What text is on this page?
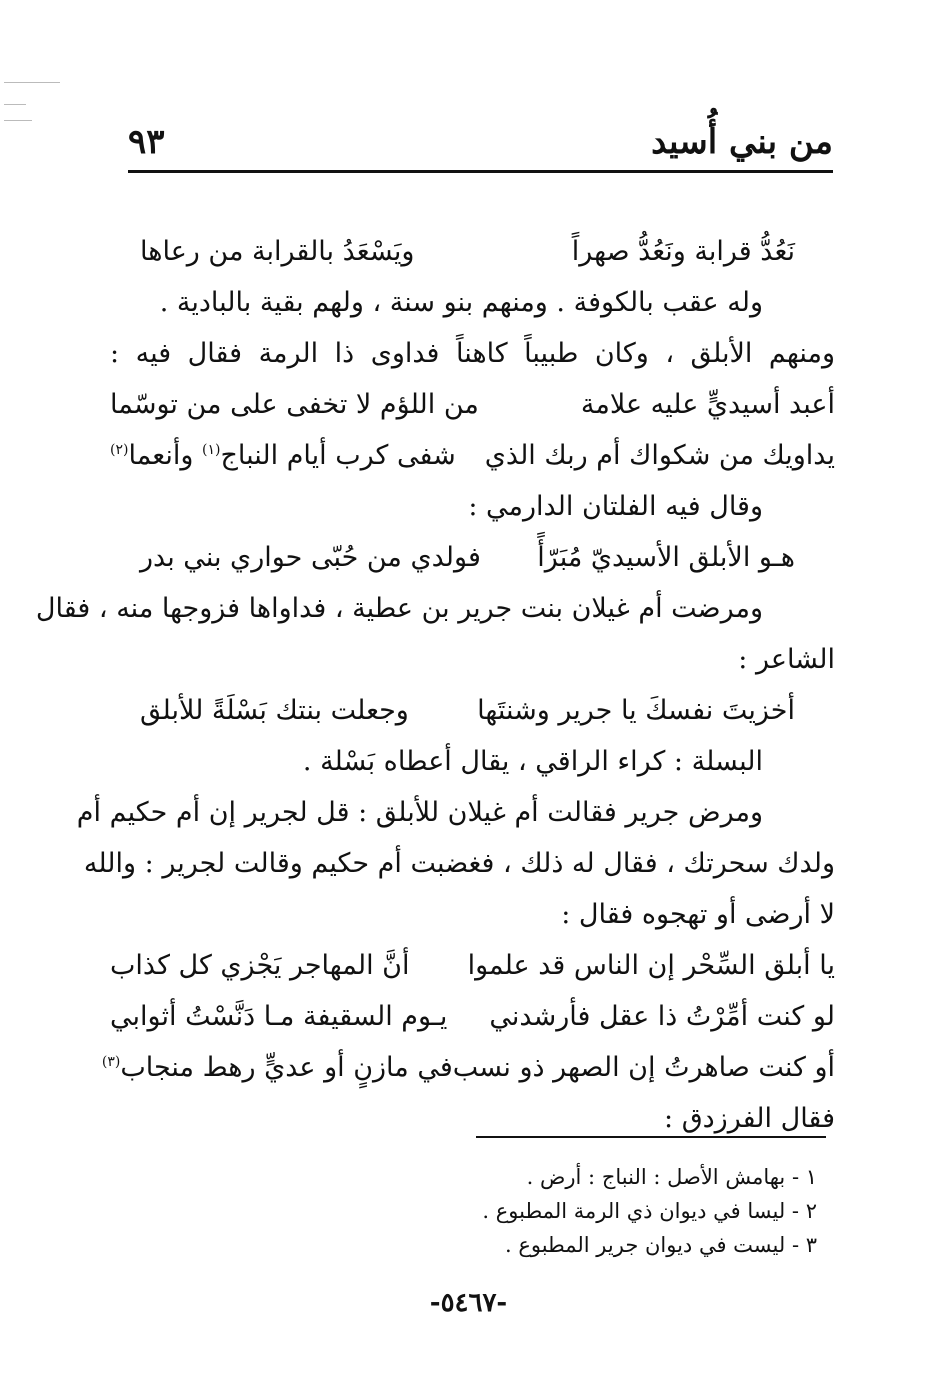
من بني أُسيد
٩٣
نَعُدُّ قرابة ونَعُدُّ صهراً
ويَسْعَدُ بالقرابة من رعاها
وله عقب بالكوفة . ومنهم بنو سنة ، ولهم بقية بالبادية .
ومنهم الأبلق ، وكان طبيباً كاهناً فداوى ذا الرمة فقال فيه :
أعبد أسيديٍّ عليه علامة
من اللؤم لا تخفى على من توسّما
يداويك من شكواك أم ربك الذي
شفى كرب أيام النباج$^{(١)}$ وأنعما$^{(٢)}$
وقال فيه الفلتان الدارمي :
هـو الأبلق الأسيديّ مُبَرّأً
فولدي من حُبّى حواري بني بدر
ومرضت أم غيلان بنت جرير بن عطية ، فداواها فزوجها منه ، فقال
الشاعر :
أخزيتَ نفسكَ يا جرير وشنتَها
وجعلت بنتك بَسْلَةً للأبلق
البسلة : كراء الراقي ، يقال أعطاه بَسْلة .
ومرض جرير فقالت أم غيلان للأبلق : قل لجرير إن أم حكيم أم
ولدك سحرتك ، فقال له ذلك ، فغضبت أم حكيم وقالت لجرير : والله
لا أرضى أو تهجوه فقال :
يا أبلق السِّحْر إن الناس قد علموا
أنَّ المهاجر يَجْزي كل كذاب
لو كنت أمِّرْتُ ذا عقل فأرشدني
يـوم السقيفة مـا دَنَّسْتُ أثوابي
أو كنت صاهرتُ إن الصهر ذو نسب
في مازنٍ أو عديٍّ رهط منجاب$^{(٣)}$
فقال الفرزدق :
١ - بهامش الأصل : النباج : أرض .
٢ - ليسا في ديوان ذي الرمة المطبوع .
٣ - ليست في ديوان جرير المطبوع .
-٥٤٦٧-
